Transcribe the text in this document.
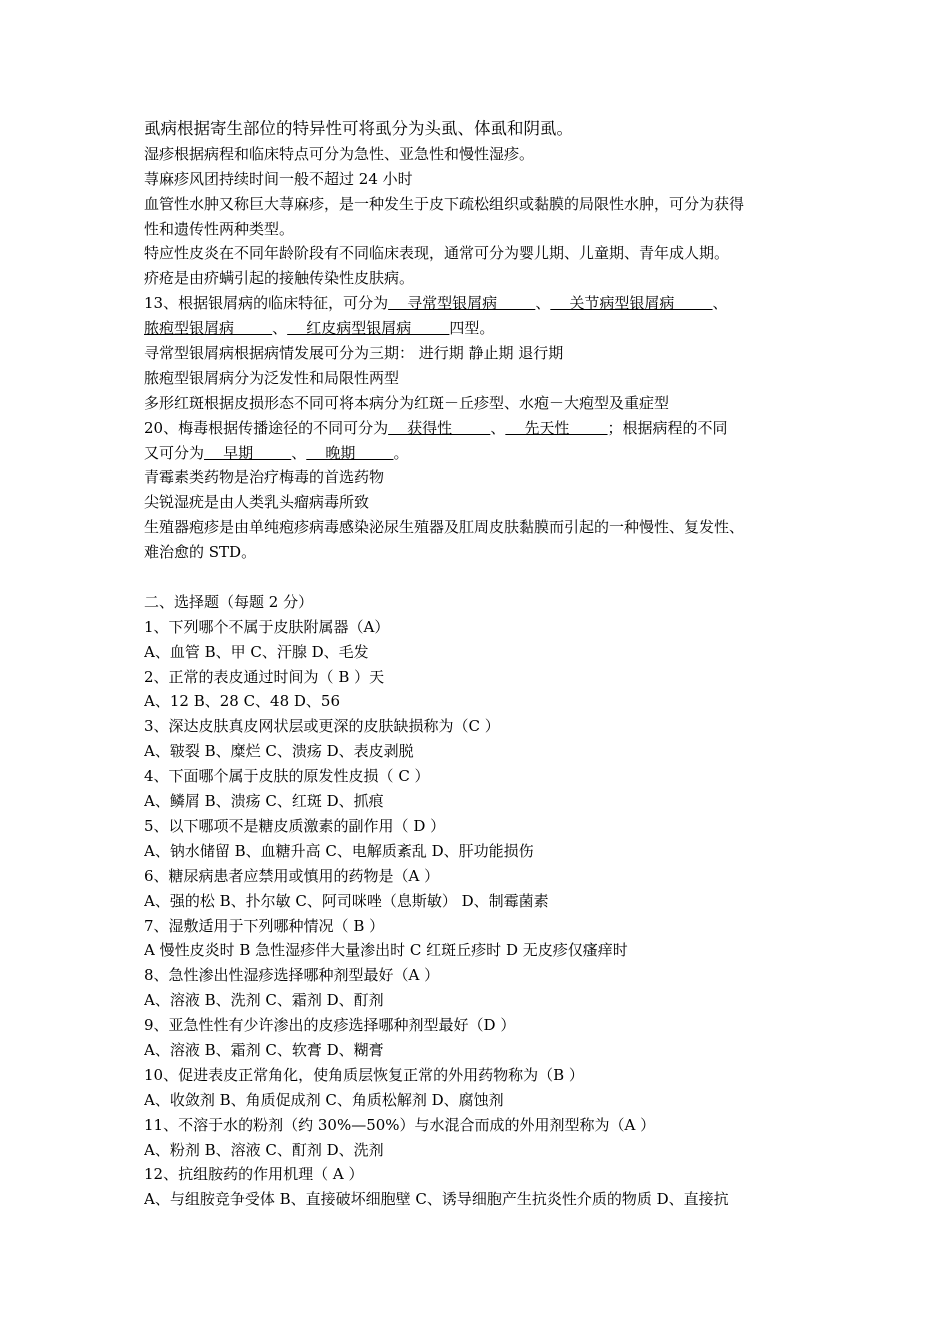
虱病根据寄生部位的特异性可将虱分为头虱、体虱和阴虱。
湿疹根据病程和临床特点可分为急性、亚急性和慢性湿疹。
荨麻疹风团持续时间一般不超过 24 小时
血管性水肿又称巨大荨麻疹，是一种发生于皮下疏松组织或黏膜的局限性水肿，可分为获得
性和遗传性两种类型。
特应性皮炎在不同年龄阶段有不同临床表现，通常可分为婴儿期、儿童期、青年成人期。
疥疮是由疥螨引起的接触传染性皮肤病。
13、根据银屑病的临床特征，可分为    寻常型银屑病        、    关节病型银屑病        、
脓疱型银屑病        、    红皮病型银屑病        四型。
寻常型银屑病根据病情发展可分为三期： 进行期 静止期 退行期
脓疱型银屑病分为泛发性和局限性两型
多形红斑根据皮损形态不同可将本病分为红斑－丘疹型、水疱－大疱型及重症型
20、梅毒根据传播途径的不同可分为    获得性        、    先天性        ；根据病程的不同
又可分为    早期        、    晚期        。
青霉素类药物是治疗梅毒的首选药物
尖锐湿疣是由人类乳头瘤病毒所致
生殖器疱疹是由单纯疱疹病毒感染泌尿生殖器及肛周皮肤黏膜而引起的一种慢性、复发性、
难治愈的 STD。
二、选择题（每题 2 分）
1、下列哪个不属于皮肤附属器（A）
A、血管 B、甲 C、汗腺 D、毛发
2、正常的表皮通过时间为（ B ）天
A、12 B、28 C、48 D、56
3、深达皮肤真皮网状层或更深的皮肤缺损称为（C ）
A、皲裂 B、糜烂 C、溃疡 D、表皮剥脱
4、下面哪个属于皮肤的原发性皮损（ C ）
A、鳞屑 B、溃疡 C、红斑 D、抓痕
5、以下哪项不是糖皮质激素的副作用（ D ）
A、钠水储留 B、血糖升高 C、电解质紊乱 D、肝功能损伤
6、糖尿病患者应禁用或慎用的药物是（A ）
A、强的松 B、扑尔敏 C、阿司咪唑（息斯敏） D、制霉菌素
7、湿敷适用于下列哪种情况（ B ）
A 慢性皮炎时 B 急性湿疹伴大量渗出时 C 红斑丘疹时 D 无皮疹仅瘙痒时
8、急性渗出性湿疹选择哪种剂型最好（A ）
A、溶液 B、洗剂 C、霜剂 D、酊剂
9、亚急性性有少许渗出的皮疹选择哪种剂型最好（D ）
A、溶液 B、霜剂 C、软膏 D、糊膏
10、促进表皮正常角化，使角质层恢复正常的外用药物称为（B ）
A、收敛剂 B、角质促成剂 C、角质松解剂 D、腐蚀剂
11、不溶于水的粉剂（约 30%—50%）与水混合而成的外用剂型称为（A ）
A、粉剂 B、溶液 C、酊剂 D、洗剂
12、抗组胺药的作用机理（ A ）
A、与组胺竞争受体 B、直接破坏细胞壁 C、诱导细胞产生抗炎性介质的物质 D、直接抗
